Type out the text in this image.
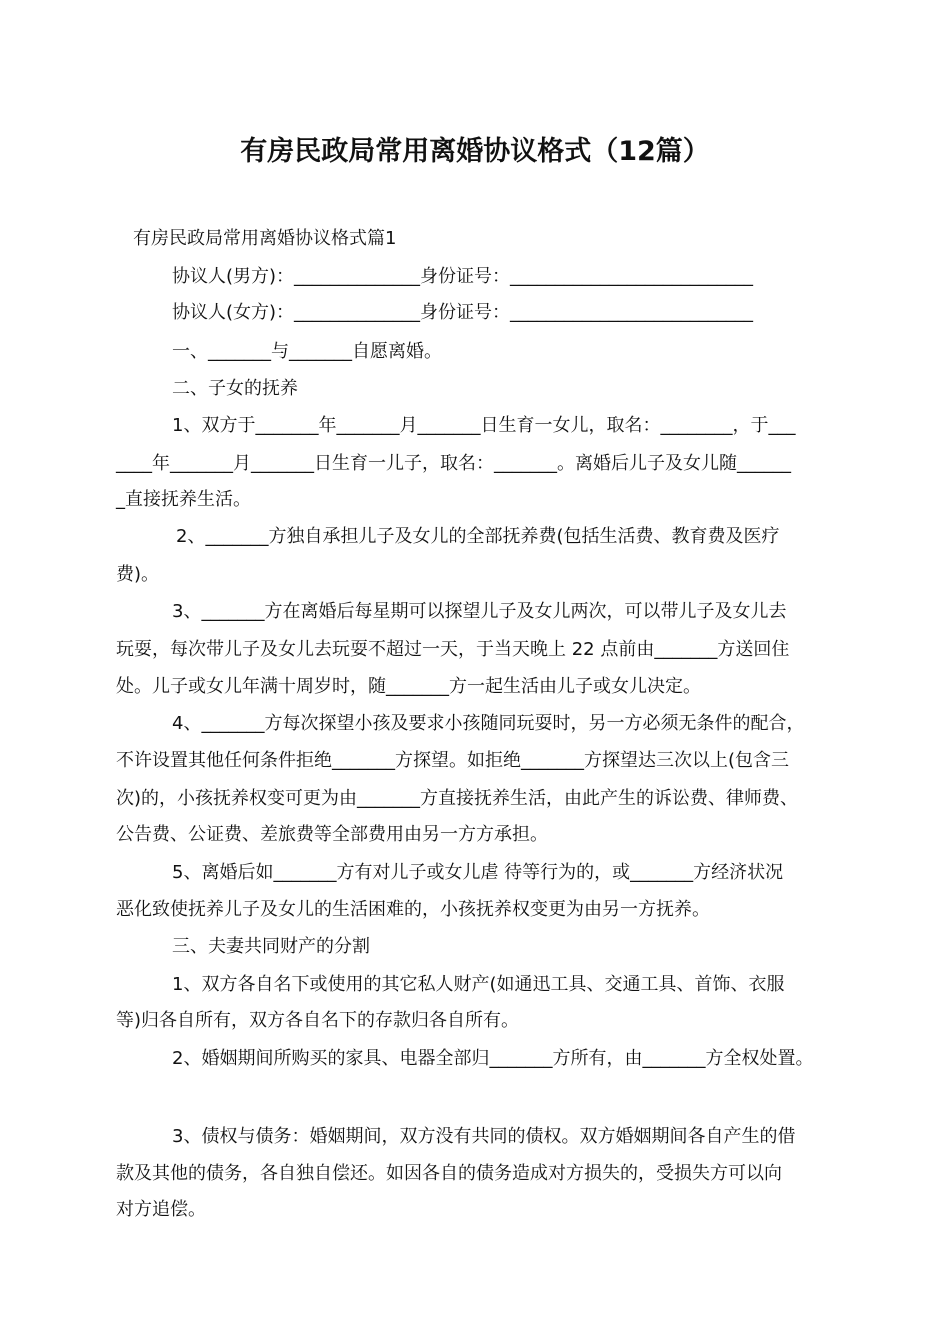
有房民政局常用离婚协议格式（12篇）

有房民政局常用离婚协议格式篇1

协议人(男方)：______________身份证号：___________________________

协议人(女方)：______________身份证号：___________________________

一、_______与_______自愿离婚。

二、子女的抚养

1、双方于_______年_______月_______日生育一女儿，取名：________，于___

____年_______月_______日生育一儿子，取名：_______。离婚后儿子及女儿随______

_直接抚养生活。

2、_______方独自承担儿子及女儿的全部抚养费(包括生活费、教育费及医疗

费)。

3、_______方在离婚后每星期可以探望儿子及女儿两次，可以带儿子及女儿去

玩耍，每次带儿子及女儿去玩耍不超过一天，于当天晚上 22 点前由_______方送回住

处。儿子或女儿年满十周岁时，随_______方一起生活由儿子或女儿决定。

4、_______方每次探望小孩及要求小孩随同玩耍时，另一方必须无条件的配合，

不许设置其他任何条件拒绝_______方探望。如拒绝_______方探望达三次以上(包含三

次)的，小孩抚养权变可更为由_______方直接抚养生活，由此产生的诉讼费、律师费、

公告费、公证费、差旅费等全部费用由另一方方承担。

5、离婚后如_______方有对儿子或女儿虐 待等行为的，或_______方经济状况

恶化致使抚养儿子及女儿的生活困难的，小孩抚养权变更为由另一方抚养。

三、夫妻共同财产的分割

1、双方各自名下或使用的其它私人财产(如通迅工具、交通工具、首饰、衣服

等)归各自所有，双方各自名下的存款归各自所有。

2、婚姻期间所购买的家具、电器全部归_______方所有，由_______方全权处置。

3、债权与债务：婚姻期间，双方没有共同的债权。双方婚姻期间各自产生的借

款及其他的债务，各自独自偿还。如因各自的债务造成对方损失的，受损失方可以向

对方追偿。
